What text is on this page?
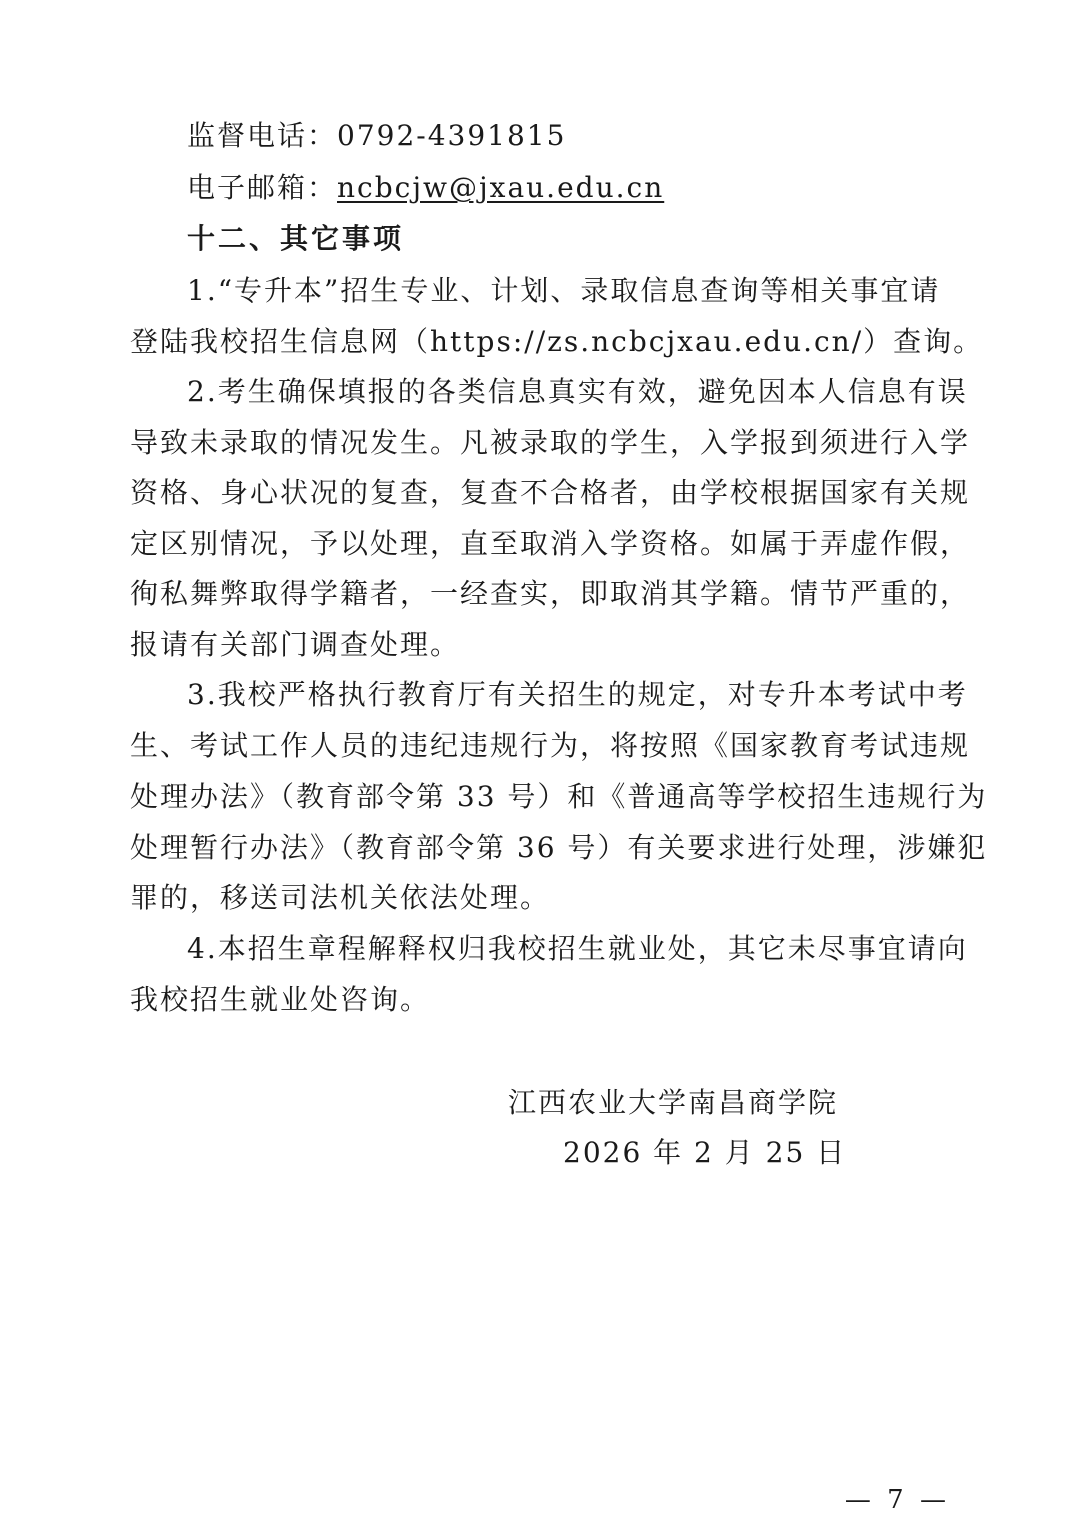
监督电话：0792-4391815
电子邮箱：ncbcjw@jxau.edu.cn
十二、其它事项
1.“专升本”招生专业、计划、录取信息查询等相关事宜请
登陆我校招生信息网（https://zs.ncbcjxau.edu.cn/）查询。
2.考生确保填报的各类信息真实有效，避免因本人信息有误
导致未录取的情况发生。凡被录取的学生，入学报到须进行入学
资格、身心状况的复查，复查不合格者，由学校根据国家有关规
定区别情况，予以处理，直至取消入学资格。如属于弄虚作假，
徇私舞弊取得学籍者，一经查实，即取消其学籍。情节严重的，
报请有关部门调查处理。
3.我校严格执行教育厅有关招生的规定，对专升本考试中考
生、考试工作人员的违纪违规行为，将按照《国家教育考试违规
处理办法》（教育部令第 33 号）和《普通高等学校招生违规行为
处理暂行办法》（教育部令第 36 号）有关要求进行处理，涉嫌犯
罪的，移送司法机关依法处理。
4.本招生章程解释权归我校招生就业处，其它未尽事宜请向
我校招生就业处咨询。
江西农业大学南昌商学院
2026 年 2 月 25 日
— 7 —
